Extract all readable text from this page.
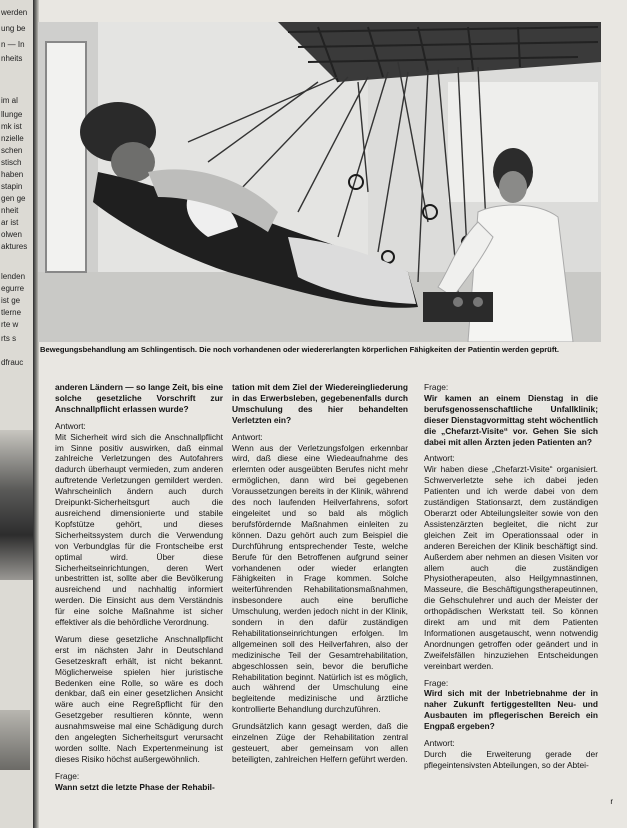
werden
ung be
n — In
nheits
im al
llunge
mk ist
nzielle
schen
stisch
haben
stapin
gen ge
nheit
ar ist
olwen
aktures
lenden
egurre
ist ge
tlerne
rte w
rts s
dfrauc
Bewegungsbehandlung am Schlingentisch. Die noch vorhandenen oder wiedererlangten körperlichen Fähigkeiten der Patientin werden geprüft.

anderen Ländern — so lange Zeit, bis eine solche gesetzliche Vorschrift zur Anschnallpflicht erlassen wurde?

Antwort:
Mit Sicherheit wird sich die Anschnallpflicht im Sinne positiv auswirken, daß einmal zahlreiche Verletzungen des Autofahrers dadurch überhaupt vermieden, zum anderen auftretende Verletzungen gemildert werden. Wahrscheinlich ändern auch durch Dreipunkt-Sicherheitsgurt auch die ausreichend dimensionierte und stabile Kopfstütze gehört, und dieses Sicherheitssystem durch die Verwendung von Verbundglas für die Frontscheibe erst optimal wird. Über diese Sicherheitseinrichtungen, deren Wert unbestritten ist, sollte aber die Bevölkerung ausreichend und nachhaltig informiert werden. Die Einsicht aus dem Verständnis für eine solche Maßnahme ist sicher effektiver als die behördliche Verordnung.

Warum diese gesetzliche Anschnallpflicht erst im nächsten Jahr in Deutschland Gesetzeskraft erhält, ist nicht bekannt. Möglicherweise spielen hier juristische Bedenken eine Rolle, so wäre es doch denkbar, daß ein einer gesetzlichen Ansicht wäre auch eine Regreßpflicht für den Gesetzgeber resultieren könnte, wenn ausnahmsweise mal eine Schädigung durch den angelegten Sicherheitsgurt verursacht worden sollte. Nach Expertenmeinung ist dieses Risiko höchst außergewöhnlich.

Frage:
Wann setzt die letzte Phase der Rehabil-

tation mit dem Ziel der Wiedereingliederung in das Erwerbsleben, gegebenenfalls durch Umschulung des hier behandelten Verletzten ein?

Antwort:
Wenn aus der Verletzungsfolgen erkennbar wird, daß diese eine Wiedeaufnahme des erlernten oder ausgeübten Berufes nicht mehr ermöglichen, dann wird bei gegebenen Voraussetzungen bereits in der Klinik, während des noch laufenden Heilverfahrens, sofort eingeleitet und so bald als möglich berufsfördernde Maßnahmen einleiten zu können. Dazu gehört auch zum Beispiel die Durchführung entsprechender Teste, welche Berufe für den Betroffenen aufgrund seiner vorhandenen oder wieder erlangten Fähigkeiten in Frage kommen. Solche weiterführenden Rehabilitationsmaßnahmen, insbesondere auch eine berufliche Umschulung, werden jedoch nicht in der Klinik, sondern in den dafür zuständigen Rehabilitationseinrichtungen erfolgen. Im allgemeinen soll des Heilverfahren, also der medizinische Teil der Gesamtrehabilitation, abgeschlossen sein, bevor die berufliche Rehabilitation beginnt. Natürlich ist es möglich, auch während der Umschulung eine begleitende medizinische und ärztliche kontrollierte Behandlung durchzuführen.

Grundsätzlich kann gesagt werden, daß die einzelnen Züge der Rehabilitation zentral gesteuert, aber gemeinsam von allen beteiligten, zahlreichen Helfern geführt werden.

Frage:
Wir kamen an einem Dienstag in die berufsgenossenschaftliche Unfallklinik; dieser Dienstagvormittag steht wöchentlich die „Chefarzt-Visite“ vor. Gehen Sie sich dabei mit allen Ärzten jeden Patienten an?

Antwort:
Wir haben diese „Chefarzt-Visite“ organisiert. Schwerverletzte sehe ich dabei jeden Patienten und ich werde dabei von dem zuständigen Stationsarzt, dem zuständigen Oberarzt oder Abteilungsleiter sowie von den Assistenzärzten begleitet, die nicht zur gleichen Zeit im Operationssaal oder in anderen Bereichen der Klinik beschäftigt sind. Außerdem aber nehmen an diesen Visiten vor allem auch die zuständigen Physiotherapeuten, also Heilgymnastinnen, Masseure, die Beschäftigungstherapeutinnen, die Gehschulehrer und auch der Meister der orthopädischen Werkstatt teil. So können direkt am und mit dem Patienten Informationen ausgetauscht, wenn notwendig Anordnungen getroffen oder geändert und in Zweifelsfällen hinzuziehen Entscheidungen vereinbart werden.

Frage:
Wird sich mit der Inbetriebnahme der in naher Zukunft fertiggestellten Neu- und Ausbauten im pflegerischen Bereich ein Engpaß ergeben?

Antwort:
Durch die Erweiterung gerade der pflegeintensivsten Abteilungen, so der Abtei-

r
